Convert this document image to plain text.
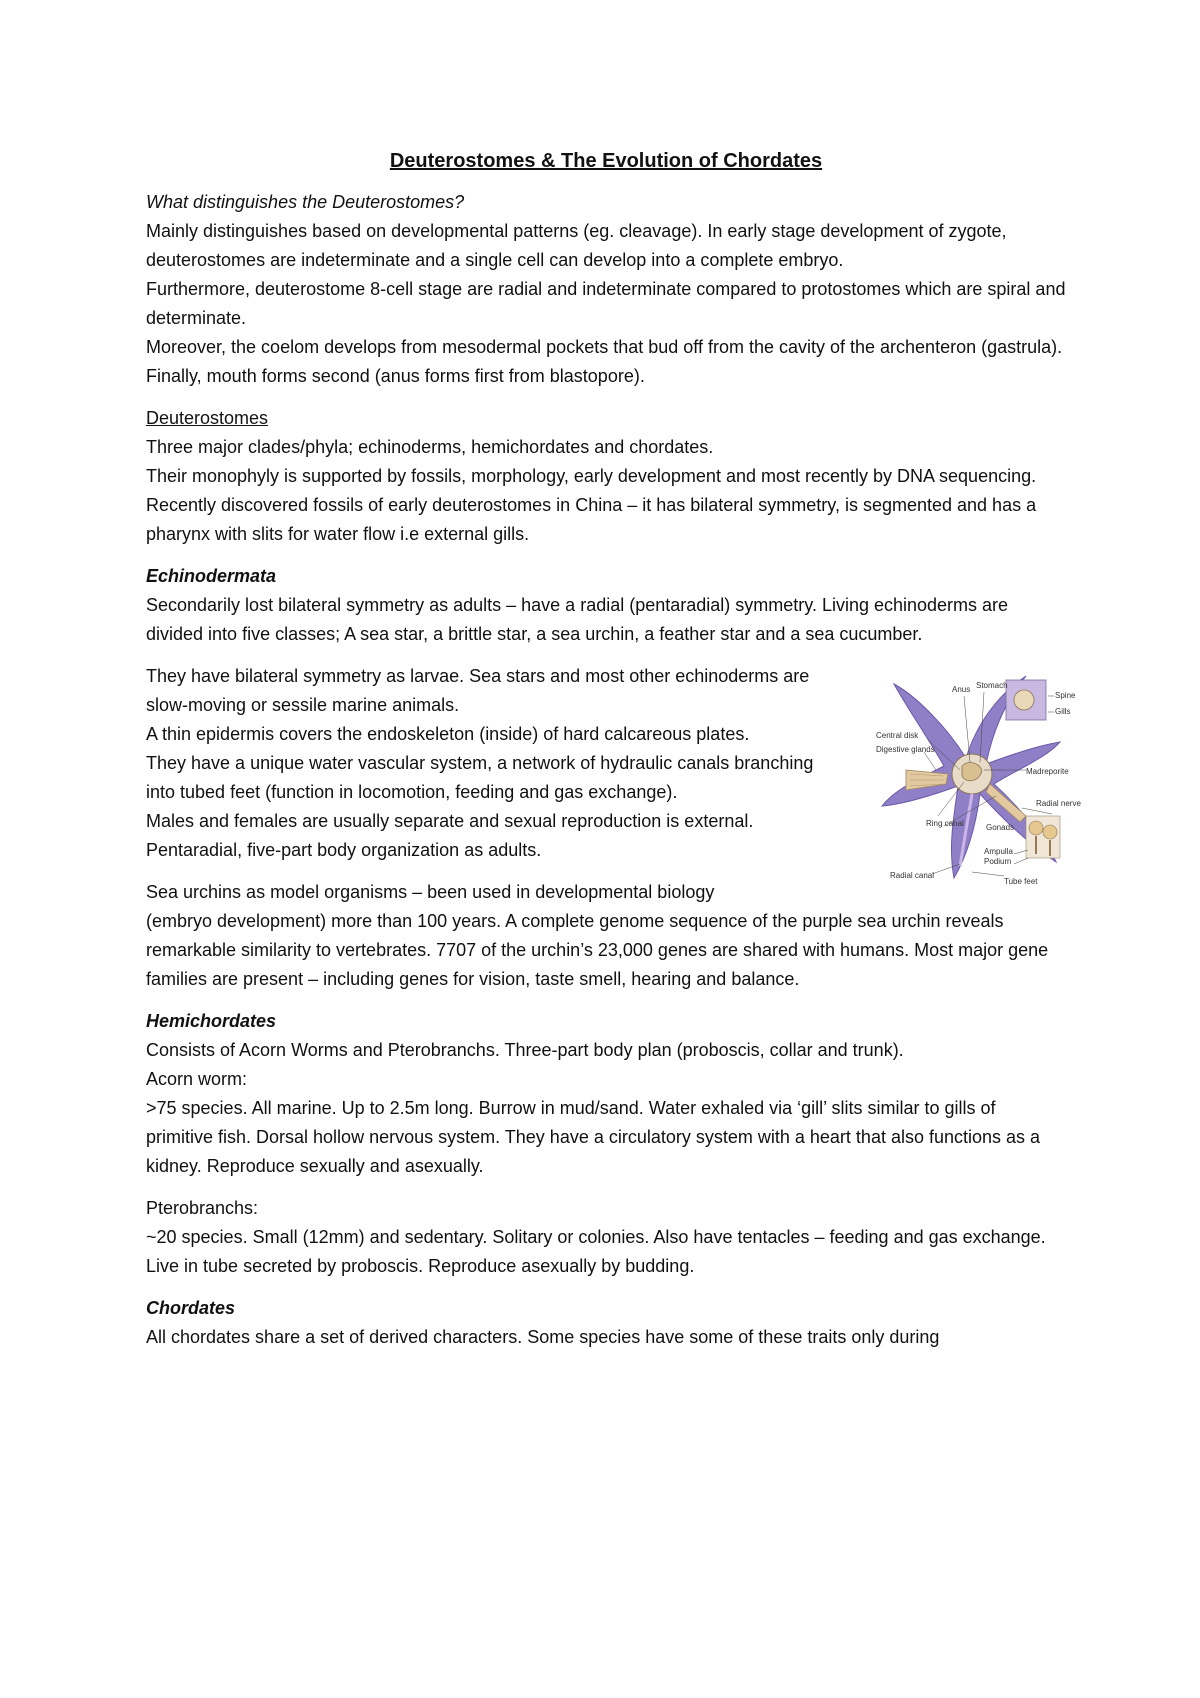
Deuterostomes & The Evolution of Chordates

What distinguishes the Deuterostomes?

Mainly distinguishes based on developmental patterns (eg. cleavage). In early stage development of zygote, deuterostomes are indeterminate and a single cell can develop into a complete embryo.

Furthermore, deuterostome 8-cell stage are radial and indeterminate compared to protostomes which are spiral and determinate.

Moreover, the coelom develops from mesodermal pockets that bud off from the cavity of the archenteron (gastrula).

Finally, mouth forms second (anus forms first from blastopore).

Deuterostomes

Three major clades/phyla; echinoderms, hemichordates and chordates.

Their monophyly is supported by fossils, morphology, early development and most recently by DNA sequencing.

Recently discovered fossils of early deuterostomes in China – it has bilateral symmetry, is segmented and has a pharynx with slits for water flow i.e external gills.

Echinodermata

Secondarily lost bilateral symmetry as adults – have a radial (pentaradial) symmetry. Living echinoderms are divided into five classes; A sea star, a brittle star, a sea urchin, a feather star and a sea cucumber.

They have bilateral symmetry as larvae. Sea stars and most other echinoderms are slow-moving or sessile marine animals.

A thin epidermis covers the endoskeleton (inside) of hard calcareous plates.

They have a unique water vascular system, a network of hydraulic canals branching into tubed feet (function in locomotion, feeding and gas exchange).

Males and females are usually separate and sexual reproduction is external.

Pentaradial, five-part body organization as adults.

Sea urchins as model organisms – been used in developmental biology

Anus Stomach
Spine
Gills
Central disk
Digestive glands
Madreporite
Radial nerve
Ring canal	Gonads
Ampulla
Podium
Radial canal
Tube feet

(embryo development) more than 100 years. A complete genome sequence of the purple sea urchin reveals remarkable similarity to vertebrates. 7707 of the urchin’s 23,000 genes are shared with humans. Most major gene families are present – including genes for vision, taste smell, hearing and balance.

Hemichordates

Consists of Acorn Worms and Pterobranchs. Three-part body plan (proboscis, collar and trunk).

Acorn worm:

>75 species. All marine. Up to 2.5m long. Burrow in mud/sand. Water exhaled via ‘gill’ slits similar to gills of primitive fish. Dorsal hollow nervous system. They have a circulatory system with a heart that also functions as a kidney. Reproduce sexually and asexually.

Pterobranchs:

~20 species. Small (12mm) and sedentary. Solitary or colonies. Also have tentacles – feeding and gas exchange. Live in tube secreted by proboscis. Reproduce asexually by budding.

Chordates

All chordates share a set of derived characters. Some species have some of these traits only during
